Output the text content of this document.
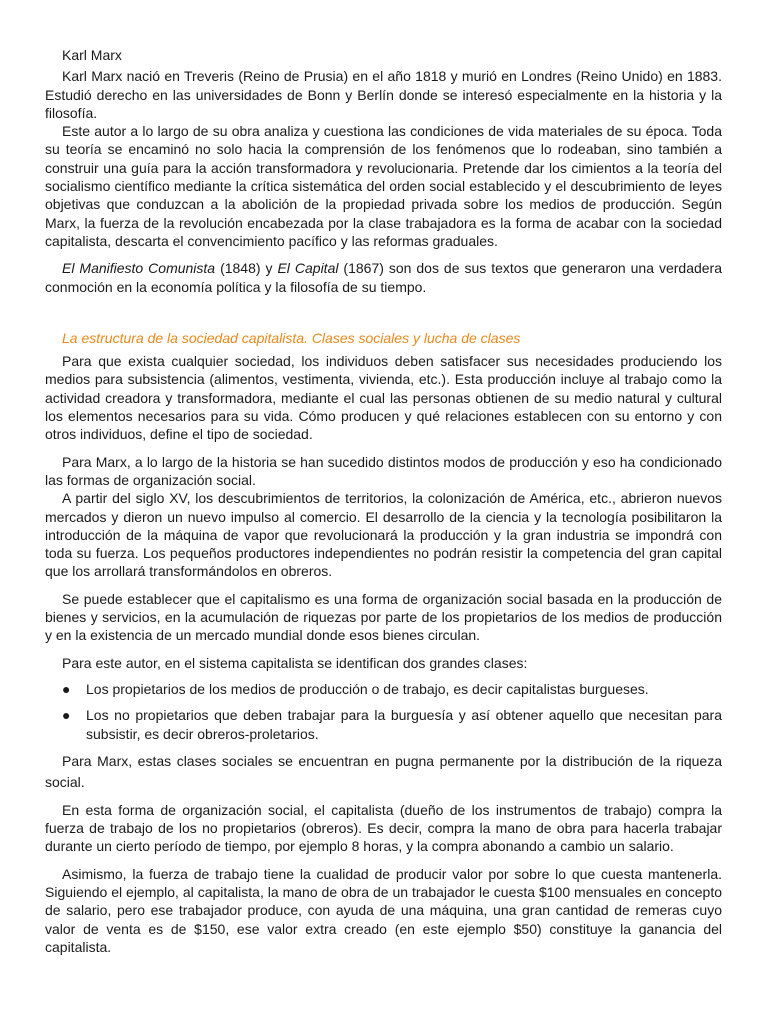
Karl Marx

Karl Marx nació en Treveris (Reino de Prusia) en el año 1818 y murió en Londres (Reino Unido) en 1883. Estudió derecho en las universidades de Bonn y Berlín donde se interesó especialmente en la historia y la filosofía.

Este autor a lo largo de su obra analiza y cuestiona las condiciones de vida materiales de su época. Toda su teoría se encaminó no solo hacia la comprensión de los fenómenos que lo rodeaban, sino también a construir una guía para la acción transformadora y revolucionaria. Pretende dar los cimientos a la teoría del socialismo científico mediante la crítica sistemática del orden social establecido y el descubrimiento de leyes objetivas que conduzcan a la abolición de la propiedad privada sobre los medios de producción. Según Marx, la fuerza de la revolución encabezada por la clase trabajadora es la forma de acabar con la sociedad capitalista, descarta el convencimiento pacífico y las reformas graduales.

El Manifiesto Comunista (1848) y El Capital (1867) son dos de sus textos que generaron una verdadera conmoción en la economía política y la filosofía de su tiempo.

La estructura de la sociedad capitalista. Clases sociales y lucha de clases

Para que exista cualquier sociedad, los individuos deben satisfacer sus necesidades produciendo los medios para subsistencia (alimentos, vestimenta, vivienda, etc.). Esta producción incluye al trabajo como la actividad creadora y transformadora, mediante el cual las personas obtienen de su medio natural y cultural los elementos necesarios para su vida. Cómo producen y qué relaciones establecen con su entorno y con otros individuos, define el tipo de sociedad.

Para Marx, a lo largo de la historia se han sucedido distintos modos de producción y eso ha condicionado las formas de organización social.

A partir del siglo XV, los descubrimientos de territorios, la colonización de América, etc., abrieron nuevos mercados y dieron un nuevo impulso al comercio. El desarrollo de la ciencia y la tecnología posibilitaron la introducción de la máquina de vapor que revolucionará la producción y la gran industria se impondrá con toda su fuerza. Los pequeños productores independientes no podrán resistir la competencia del gran capital que los arrollará transformándolos en obreros.

Se puede establecer que el capitalismo es una forma de organización social basada en la producción de bienes y servicios, en la acumulación de riquezas por parte de los propietarios de los medios de producción y en la existencia de un mercado mundial donde esos bienes circulan.

Para este autor, en el sistema capitalista se identifican dos grandes clases:

● Los propietarios de los medios de producción o de trabajo, es decir capitalistas burgueses.
● Los no propietarios que deben trabajar para la burguesía y así obtener aquello que necesitan para subsistir, es decir obreros-proletarios.

Para Marx, estas clases sociales se encuentran en pugna permanente por la distribución de la riqueza social.

En esta forma de organización social, el capitalista (dueño de los instrumentos de trabajo) compra la fuerza de trabajo de los no propietarios (obreros). Es decir, compra la mano de obra para hacerla trabajar durante un cierto período de tiempo, por ejemplo 8 horas, y la compra abonando a cambio un salario.

Asimismo, la fuerza de trabajo tiene la cualidad de producir valor por sobre lo que cuesta mantenerla. Siguiendo el ejemplo, al capitalista, la mano de obra de un trabajador le cuesta $100 mensuales en concepto de salario, pero ese trabajador produce, con ayuda de una máquina, una gran cantidad de remeras cuyo valor de venta es de $150, ese valor extra creado (en este ejemplo $50) constituye la ganancia del capitalista.
